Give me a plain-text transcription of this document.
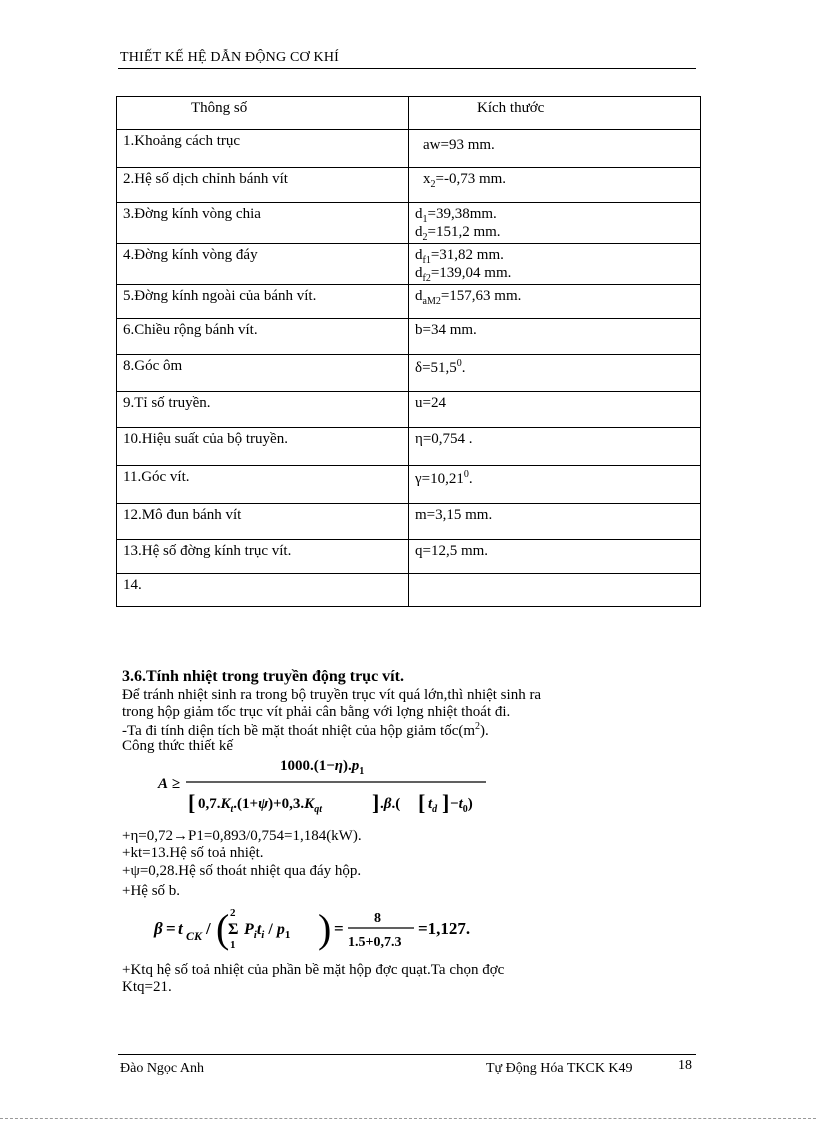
THIẾT KẾ HỆ DẪN ĐỘNG CƠ KHÍ
Thông số	Kích thước
1.Khoảng cách trục	aw=93 mm.
2.Hệ số dịch chỉnh bánh vít	$x_2=-0,73$ mm.
3.Đờng kính vòng chia	$d_1=39,38mm$.
$d_2=151,2$ mm.

4.Đờng kính vòng đáy	$d_{f1}=31,82$ mm.
$d_{f2}=139,04$ mm.

5.Đờng kính ngoài của bánh vít.	$d_{aM2}=157,63$ mm.
6.Chiều rộng bánh vít.	b=34 mm.
8.Góc ôm	$\delta=51,5^0$.
9.Tỉ số truyền.	u=24
10.Hiệu suất của bộ truyền.	η=0,754 .
11.Góc vít.	$\gamma=10,21^0$.
12.Mô đun bánh vít	m=3,15 mm.
13.Hệ số đờng kính trục vít.	q=12,5 mm.
14.	
3.6.Tính nhiệt trong truyền động trục vít.
Để tránh nhiệt sinh ra trong bộ truyền trục vít quá lớn,thì nhiệt sinh ra
trong hộp giảm tốc trục vít phải cân bằng với lợng nhiệt thoát đi.
-Ta đi tính diện tích bề mặt thoát nhiệt của hộp giảm $tốc(m^2)$.
Công thức thiết kế
$1000.(1-\eta).p_1$
A ≥
[ $0,7.K_t.(1+\psi)+0,3.K_{qt}$ ] .β.( [ $t_d$ ] $-t_0$)
+η=0,72→P1=0,893/0,754=1,184(kW).
+kt=13.Hệ số toả nhiệt.
+ψ=0,28.Hệ số thoát nhiệt qua đáy hộp.
+Hệ số b.
β = t CK / ( 2
Σ
1
$P_it_i / p_1$ ) =
8
1.5+0,7.3
=1,127.
+Ktq hệ số toả nhiệt của phần bề mặt hộp đợc quạt.Ta chọn đợc
Ktq=21.
Đào Ngọc Anh	Tự Động Hóa TKCK K49	18
